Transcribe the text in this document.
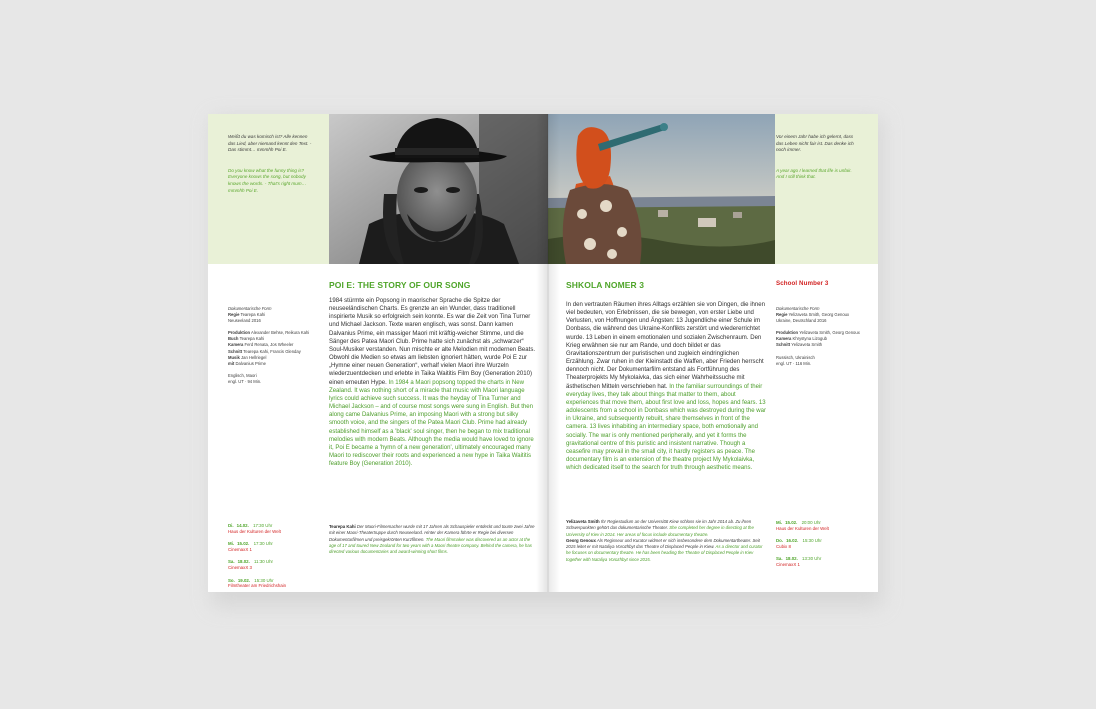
Weißt du was komisch ist? Alle kennen das Lied, aber niemand kennt den Text. - Das stimmt… mmmhh Poi E.
Do you know what the funny thing is? Everyone knows the song, but nobody knows the words. - That's right mum… mmmhh Poi E.
POI E: THE STORY OF OUR SONG
Dokumentarische Form
Regie Tearepa Kahi
Neuseeland 2016
Produktion Alexander Behse, Reikura Kahi
Buch Tearepa Kahi
Kamera Ferd Renata, Jos Wheeler
Schnitt Tearepa Kahi, Francis Glenday
Musik Jan Hellriegel
mit Dalvanius Prime
Englisch, Maori
engl. UT · 94 Min.
1984 stürmte ein Popsong in maorischer Sprache die Spitze der neuseeländischen Charts. Es grenzte an ein Wunder, dass traditionell inspirierte Musik so erfolgreich sein konnte. Es war die Zeit von Tina Turner und Michael Jackson. Texte waren englisch, was sonst. Dann kamen Dalvanius Prime, ein massiger Maori mit kräftig-weicher Stimme, und die Sänger des Patea Maori Club. Prime hatte sich zunächst als „schwarzer“ Soul-Musiker verstanden. Nun mischte er alte Melodien mit modernen Beats. Obwohl die Medien so etwas am liebsten ignoriert hätten, wurde Poi E zur „Hymne einer neuen Generation“, verhalf vielen Maori ihre Wurzeln wiederzuentdecken und erlebte in Taika Waititis Film Boy (Generation 2010) einen erneuten Hype. In 1984 a Maori popsong topped the charts in New Zealand. It was nothing short of a miracle that music with Maori language lyrics could achieve such success. It was the heyday of Tina Turner and Michael Jackson – and of course most songs were sung in English. But then along came Dalvanius Prime, an imposing Maori with a strong but silky smooth voice, and the singers of the Patea Maori Club. Prime had already established himself as a 'black' soul singer, then he began to mix traditional melodies with modern Beats. Although the media would have loved to ignore it, Poi E became a 'hymn of a new generation', ultimately encouraged many Maori to rediscover their roots and experienced a new hype in Taika Waititis feature Boy (Generation 2010).
Di. 14.02. 17:30 Uhr
Haus der Kulturen der Welt
Mi. 15.02. 17:30 Uhr
CinemaxX 1
Sa. 18.02. 11:30 Uhr
CinemaxX 3
So. 19.02. 15:30 Uhr
Filmtheater am Friedrichshain
Tearepa Kahi Der Maori-Filmemacher wurde mit 17 Jahren als Schauspieler entdeckt und tourte zwei Jahre mit einer Maori-Theatertruppe durch Neuseeland. Hinter der Kamera führte er Regie bei diversen Dokumentarfilmen und preisgekrönten Kurzfilmen. The Maori filmmaker was discovered as an actor at the age of 17 and toured New Zealand for two years with a Maori theatre company. Behind the camera, he has directed various documentaries and award-winning short films.
Vor einem Jahr habe ich gelernt, dass das Leben nicht fair ist. Das denke ich noch immer.
A year ago I learned that life is unfair. And I still think that.
SHKOLA NOMER 3	School Number 3
In den vertrauten Räumen ihres Alltags erzählen sie von Dingen, die ihnen viel bedeuten, von Erlebnissen, die sie bewegen, von erster Liebe und Verlusten, von Hoffnungen und Ängsten: 13 Jugendliche einer Schule im Donbass, die während des Ukraine-Konflikts zerstört und wiedererrichtet wurde. 13 Leben in einem emotionalen und sozialen Zwischenraum. Den Krieg erwähnen sie nur am Rande, und doch bildet er das Gravitationszentrum der puristischen und zugleich eindringlichen Erzählung. Zwar ruhen in der Kleinstadt die Waffen, aber Frieden herrscht dennoch nicht. Der Dokumentarfilm entstand als Fortführung des Theaterprojekts My Mykolaivka, das sich einer Wahrheitssuche mit ästhetischen Mitteln verschrieben hat. In the familiar surroundings of their everyday lives, they talk about things that matter to them, about experiences that move them, about first love and loss, hopes and fears. 13 adolescents from a school in Donbass which was destroyed during the war in Ukraine, and subsequently rebuilt, share themselves in front of the camera. 13 lives inhabiting an intermediary space, both emotionally and socially. The war is only mentioned peripherally, and yet it forms the gravitational centre of this puristic and insistent narrative. Though a ceasefire may prevail in the small city, it hardly registers as peace. The documentary film is an extension of the theatre project My Mykolaivka, which dedicated itself to the search for truth through aesthetic means.
Dokumentarische Form
Regie Yelizaveta Smith, Georg Genoux
Ukraine, Deutschland 2016
Produktion Yelizaveta Smith, Georg Genoux
Kamera Khrystyna Lizogub
Schnitt Yelizaveta Smith
Russisch, Ukrainisch
engl. UT · 116 Min.
Yelizaveta Smith Ihr Regiestudium an der Universität Kiew schloss sie im Jahr 2014 ab. Zu ihren Schwerpunkten gehört das dokumentarische Theater. She completed her degree in directing at the University of Kiev in 2014. Her areas of focus include documentary theatre.
Georg Genoux Als Regisseur und Kurator widmet er sich insbesondere dem Dokumentartheater. Seit 2015 leitet er mit Nataliya Vorozhbyt das Theatre of Displaced People in Kiew. As a director and curator he focuses on documentary theatre. He has been heading the Theatre of Displaced People in Kiev together with Nataliya Vorozhbyt since 2015.
Mi. 15.02. 20:00 Uhr
Haus der Kulturen der Welt
Do. 16.02. 15:30 Uhr
Cubix 8
Sa. 18.02. 13:30 Uhr
CinemaxX 1
